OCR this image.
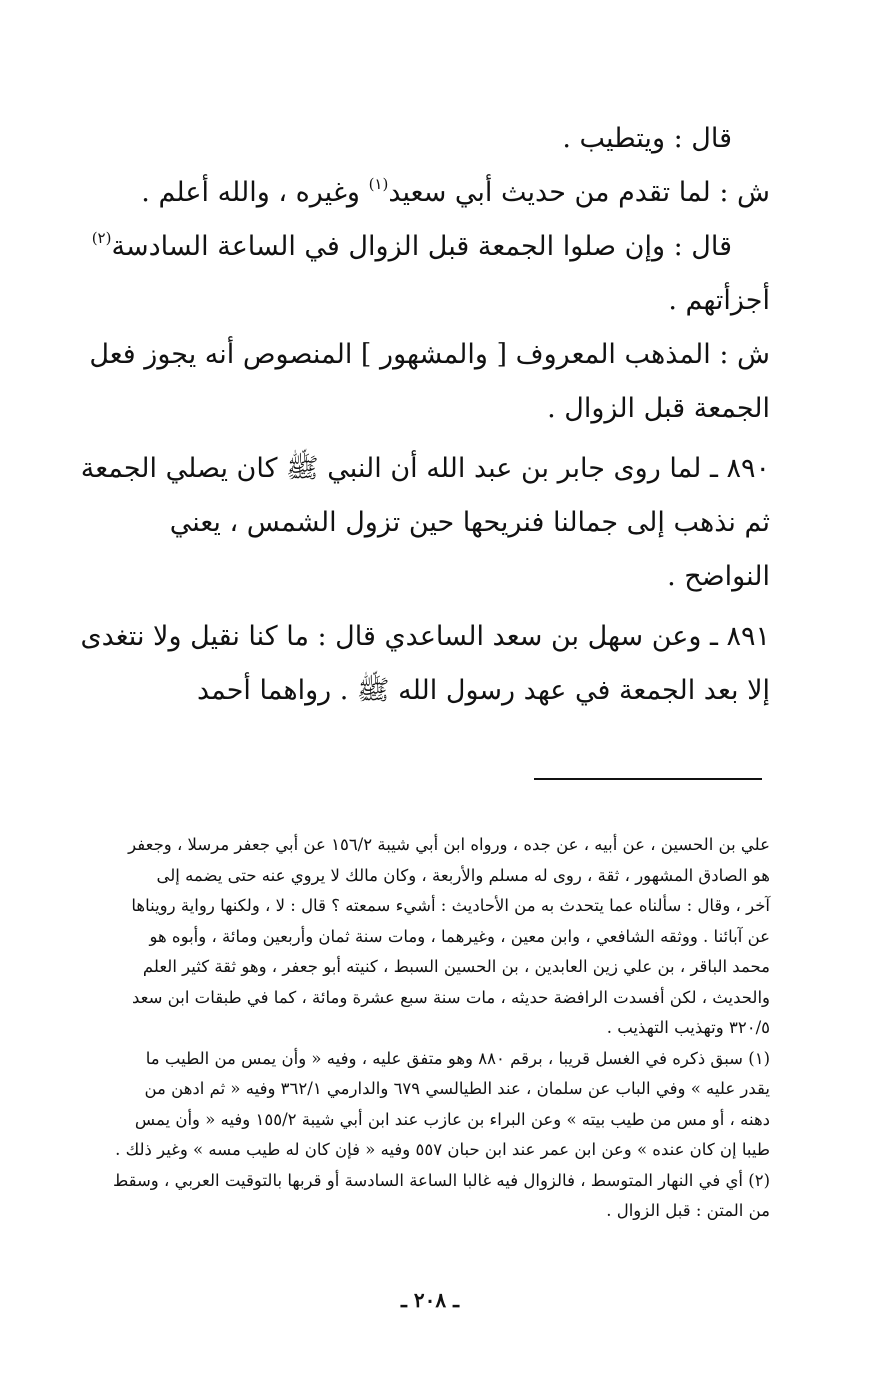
قال : ويتطيب .
ش : لما تقدم من حديث أبي سعيد$^{(١)}$ وغيره ، والله أعلم .
قال : وإن صلوا الجمعة قبل الزوال في الساعة السادسة$^{(٢)}$
أجزأتهم .
ش : المذهب المعروف [ والمشهور ] المنصوص أنه يجوز فعل
الجمعة قبل الزوال .
٨٩٠ ـ لما روى جابر بن عبد الله أن النبي ﷺ كان يصلي الجمعة
ثم نذهب إلى جمالنا فنريحها حين تزول الشمس ، يعني
النواضح .
٨٩١ ـ وعن سهل بن سعد الساعدي قال : ما كنا نقيل ولا نتغدى
إلا بعد الجمعة في عهد رسول الله ﷺ . رواهما أحمد
علي بن الحسين ، عن أبيه ، عن جده ، ورواه ابن أبي شيبة ١٥٦/٢ عن أبي جعفر مرسلا ، وجعفر
هو الصادق المشهور ، ثقة ، روى له مسلم والأربعة ، وكان مالك لا يروي عنه حتى يضمه إلى
آخر ، وقال : سألناه عما يتحدث به من الأحاديث : أشيء سمعته ؟ قال : لا ، ولكنها رواية رويناها
عن آبائنا . ووثقه الشافعي ، وابن معين ، وغيرهما ، ومات سنة ثمان وأربعين ومائة ، وأبوه هو
محمد الباقر ، بن علي زين العابدين ، بن الحسين السبط ، كنيته أبو جعفر ، وهو ثقة كثير العلم
والحديث ، لكن أفسدت الرافضة حديثه ، مات سنة سبع عشرة ومائة ، كما في طبقات ابن سعد
٣٢٠/٥ وتهذيب التهذيب .
(١) سبق ذكره في الغسل قريبا ، برقم ٨٨٠ وهو متفق عليه ، وفيه « وأن يمس من الطيب ما
يقدر عليه » وفي الباب عن سلمان ، عند الطيالسي ٦٧٩ والدارمي ٣٦٢/١ وفيه « ثم ادهن من
دهنه ، أو مس من طيب بيته » وعن البراء بن عازب عند ابن أبي شيبة ١٥٥/٢ وفيه « وأن يمس
طيبا إن كان عنده » وعن ابن عمر عند ابن حبان ٥٥٧ وفيه « فإن كان له طيب مسه » وغير ذلك .
(٢) أي في النهار المتوسط ، فالزوال فيه غالبا الساعة السادسة أو قربها بالتوقيت العربي ، وسقط
من المتن : قبل الزوال .
ـ ٢٠٨ ـ
